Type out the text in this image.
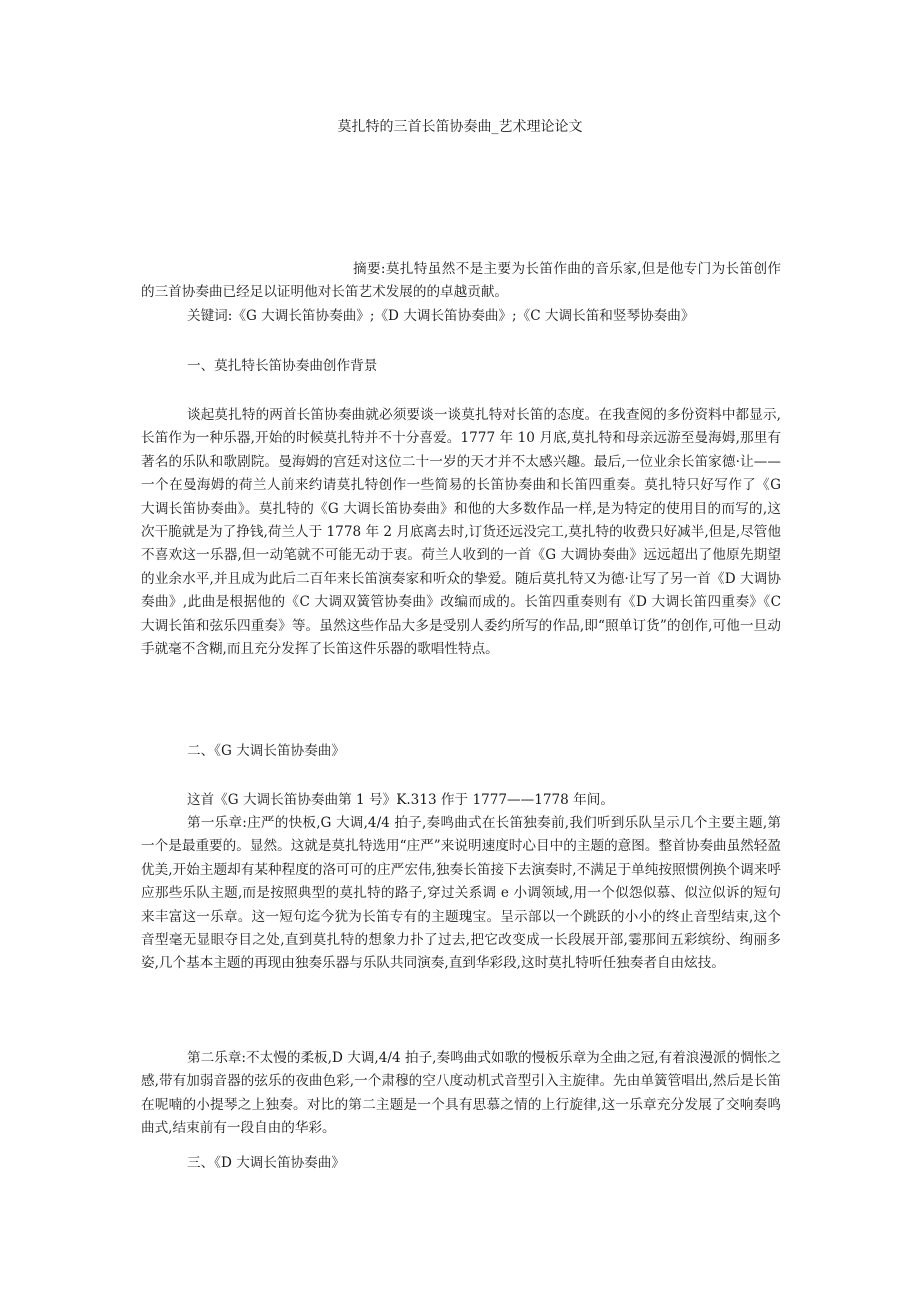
莫扎特的三首长笛协奏曲_艺术理论论文

摘要:莫扎特虽然不是主要为长笛作曲的音乐家,但是他专门为长笛创作的三首协奏曲已经足以证明他对长笛艺术发展的的卓越贡献。

关键词:《G 大调长笛协奏曲》;《D 大调长笛协奏曲》;《C 大调长笛和竖琴协奏曲》

一、莫扎特长笛协奏曲创作背景

谈起莫扎特的两首长笛协奏曲就必须要谈一谈莫扎特对长笛的态度。在我查阅的多份资料中都显示,长笛作为一种乐器,开始的时候莫扎特并不十分喜爱。1777 年 10 月底,莫扎特和母亲远游至曼海姆,那里有著名的乐队和歌剧院。曼海姆的宫廷对这位二十一岁的天才并不太感兴趣。最后,一位业余长笛家德·让——一个在曼海姆的荷兰人前来约请莫扎特创作一些简易的长笛协奏曲和长笛四重奏。莫扎特只好写作了《G 大调长笛协奏曲》。莫扎特的《G 大调长笛协奏曲》和他的大多数作品一样,是为特定的使用目的而写的,这次干脆就是为了挣钱,荷兰人于 1778 年 2 月底离去时,订货还远没完工,莫扎特的收费只好减半,但是,尽管他不喜欢这一乐器,但一动笔就不可能无动于衷。荷兰人收到的一首《G 大调协奏曲》远远超出了他原先期望的业余水平,并且成为此后二百年来长笛演奏家和听众的挚爱。随后莫扎特又为德·让写了另一首《D 大调协奏曲》,此曲是根据他的《C 大调双簧管协奏曲》改编而成的。长笛四重奏则有《D 大调长笛四重奏》《C 大调长笛和弦乐四重奏》等。虽然这些作品大多是受别人委约所写的作品,即“照单订货”的创作,可他一旦动手就毫不含糊,而且充分发挥了长笛这件乐器的歌唱性特点。

二、《G 大调长笛协奏曲》

这首《G 大调长笛协奏曲第 1 号》K.313 作于 1777——1778 年间。

第一乐章:庄严的快板,G 大调,4/4 拍子,奏鸣曲式在长笛独奏前,我们听到乐队呈示几个主要主题,第一个是最重要的。显然。这就是莫扎特选用“庄严”来说明速度时心目中的主题的意图。整首协奏曲虽然轻盈优美,开始主题却有某种程度的洛可可的庄严宏伟,独奏长笛接下去演奏时,不满足于单纯按照惯例换个调来呼应那些乐队主题,而是按照典型的莫扎特的路子,穿过关系调 e 小调领域,用一个似怨似慕、似泣似诉的短句来丰富这一乐章。这一短句迄今犹为长笛专有的主题瑰宝。呈示部以一个跳跃的小小的终止音型结束,这个音型毫无显眼夺目之处,直到莫扎特的想象力扑了过去,把它改变成一长段展开部,霎那间五彩缤纷、绚丽多姿,几个基本主题的再现由独奏乐器与乐队共同演奏,直到华彩段,这时莫扎特听任独奏者自由炫技。

第二乐章:不太慢的柔板,D 大调,4/4 拍子,奏鸣曲式如歌的慢板乐章为全曲之冠,有着浪漫派的惆怅之感,带有加弱音器的弦乐的夜曲色彩,一个肃穆的空八度动机式音型引入主旋律。先由单簧管唱出,然后是长笛在呢喃的小提琴之上独奏。对比的第二主题是一个具有思慕之情的上行旋律,这一乐章充分发展了交响奏鸣曲式,结束前有一段自由的华彩。

三、《D 大调长笛协奏曲》
